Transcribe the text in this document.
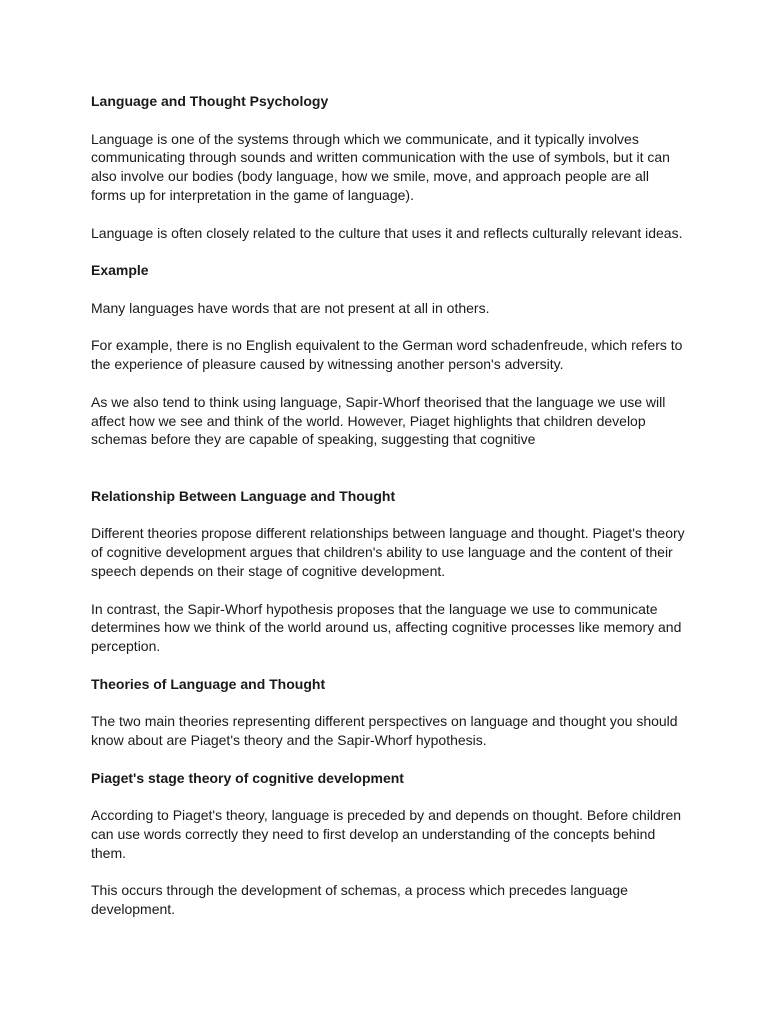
Language and Thought Psychology
Language is one of the systems through which we communicate, and it typically involves
communicating through sounds and written communication with the use of symbols, but it can
also involve our bodies (body language, how we smile, move, and approach people are all
forms up for interpretation in the game of language).
Language is often closely related to the culture that uses it and reflects culturally relevant ideas.
Example
Many languages have words that are not present at all in others.
For example, there is no English equivalent to the German word schadenfreude, which refers to
the experience of pleasure caused by witnessing another person's adversity.
As we also tend to think using language, Sapir-Whorf theorised that the language we use will
affect how we see and think of the world. However, Piaget highlights that children develop
schemas before they are capable of speaking, suggesting that cognitive
Relationship Between Language and Thought
Different theories propose different relationships between language and thought. Piaget's theory
of cognitive development argues that children's ability to use language and the content of their
speech depends on their stage of cognitive development.
In contrast, the Sapir-Whorf hypothesis proposes that the language we use to communicate
determines how we think of the world around us, affecting cognitive processes like memory and
perception.
Theories of Language and Thought
The two main theories representing different perspectives on language and thought you should
know about are Piaget's theory and the Sapir-Whorf hypothesis.
Piaget's stage theory of cognitive development
According to Piaget's theory, language is preceded by and depends on thought. Before children
can use words correctly they need to first develop an understanding of the concepts behind
them.
This occurs through the development of schemas, a process which precedes language
development.
